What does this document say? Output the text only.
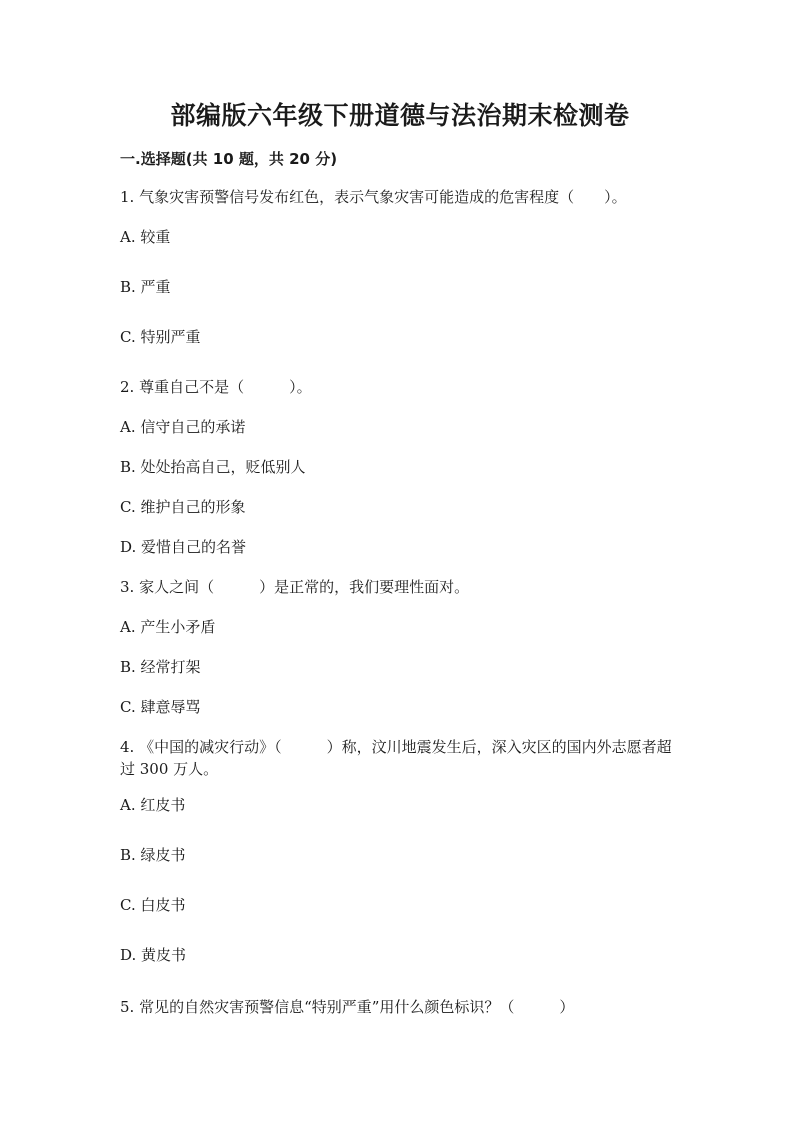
部编版六年级下册道德与法治期末检测卷
一.选择题(共 10 题，共 20 分)
1. 气象灾害预警信号发布红色，表示气象灾害可能造成的危害程度（　　）。
A. 较重
B. 严重
C. 特别严重
2. 尊重自己不是（　　　）。
A. 信守自己的承诺
B. 处处抬高自己，贬低别人
C. 维护自己的形象
D. 爱惜自己的名誉
3. 家人之间（　　　）是正常的，我们要理性面对。
A. 产生小矛盾
B. 经常打架
C. 肆意辱骂
4. 《中国的减灾行动》（　　　）称，汶川地震发生后，深入灾区的国内外志愿者超过 300 万人。
A. 红皮书
B. 绿皮书
C. 白皮书
D. 黄皮书
5. 常见的自然灾害预警信息“特别严重”用什么颜色标识？（　　　）
